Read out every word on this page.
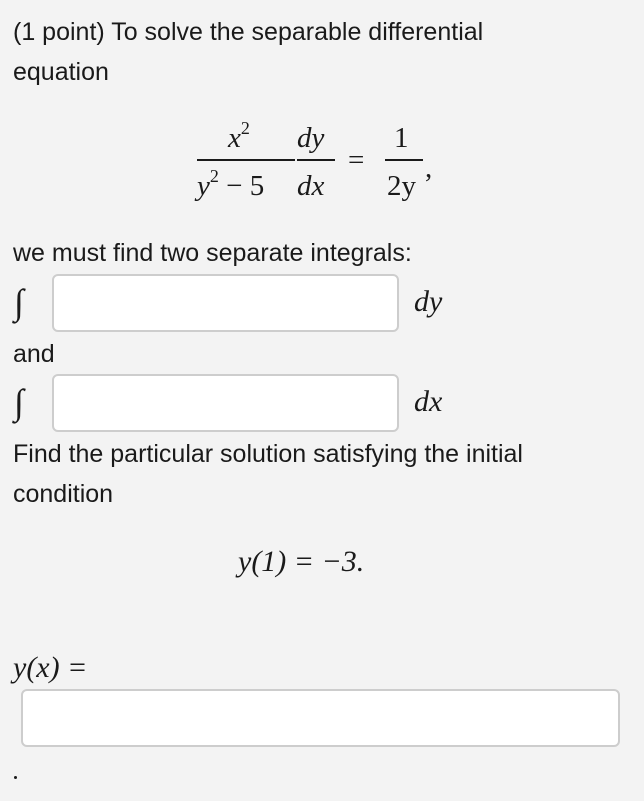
(1 point) To solve the separable differential

equation

$x^2$
$y^2 - 5$
dy
dx
=
1
2y
,

we must find two separate integrals:

∫	dy

and

∫	dx

Find the particular solution satisfying the initial

condition

y(1) = −3.
y(x) =
